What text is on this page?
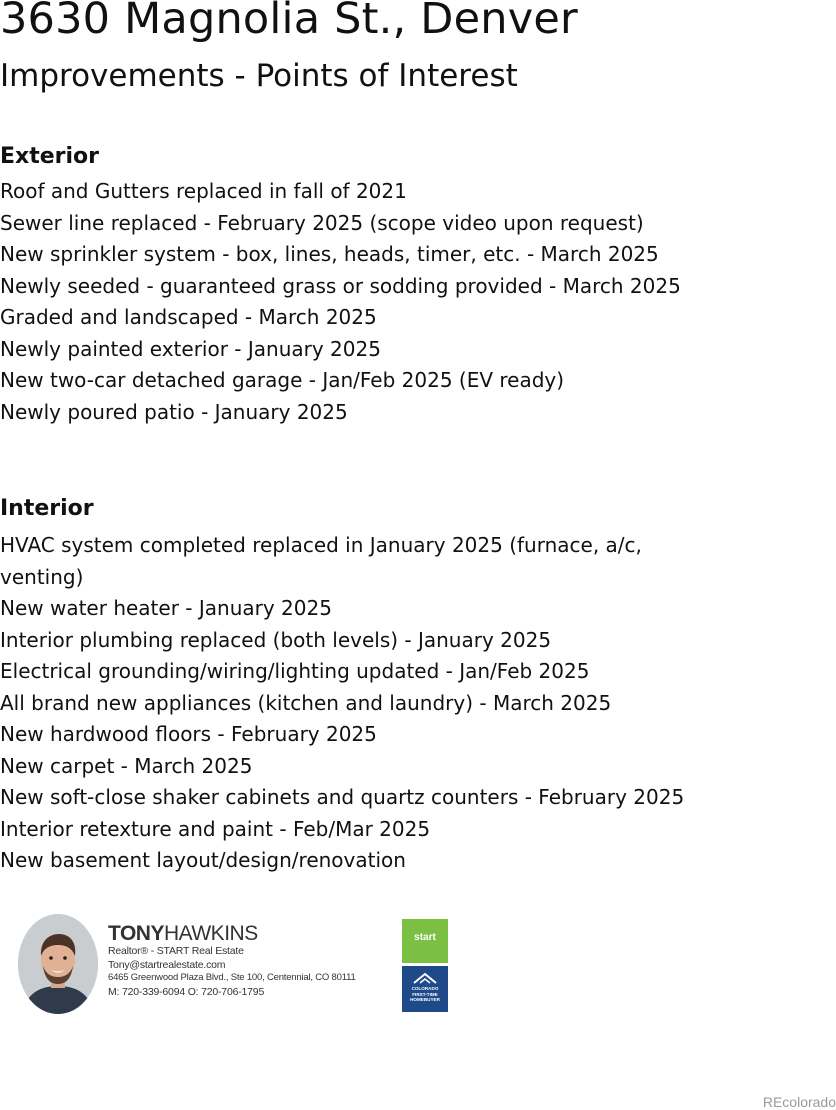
3630 Magnolia St., Denver
Improvements - Points of Interest
Exterior
Roof and Gutters replaced in fall of 2021
Sewer line replaced - February 2025 (scope video upon request)
New sprinkler system - box, lines, heads, timer, etc. - March 2025
Newly seeded - guaranteed grass or sodding provided - March 2025
Graded and landscaped - March 2025
Newly painted exterior - January 2025
New two-car detached garage - Jan/Feb 2025 (EV ready)
Newly poured patio - January 2025
Interior
HVAC system completed replaced in January 2025 (furnace, a/c, venting)
New water heater - January 2025
Interior plumbing replaced (both levels) - January 2025
Electrical grounding/wiring/lighting updated - Jan/Feb 2025
All brand new appliances (kitchen and laundry) - March 2025
New hardwood floors - February 2025
New carpet - March 2025
New soft-close shaker cabinets and quartz counters - February 2025
Interior retexture and paint - Feb/Mar 2025
New basement layout/design/renovation
TONYHAWKINS
Realtor® - START Real Estate
Tony@startrealestate.com
6465 Greenwood Plaza Blvd., Ste 100, Centennial, CO 80111
M: 720-339-6094 O: 720-706-1795
start
COLORADO FIRST-TIME HOMEBUYER
REcolorado
